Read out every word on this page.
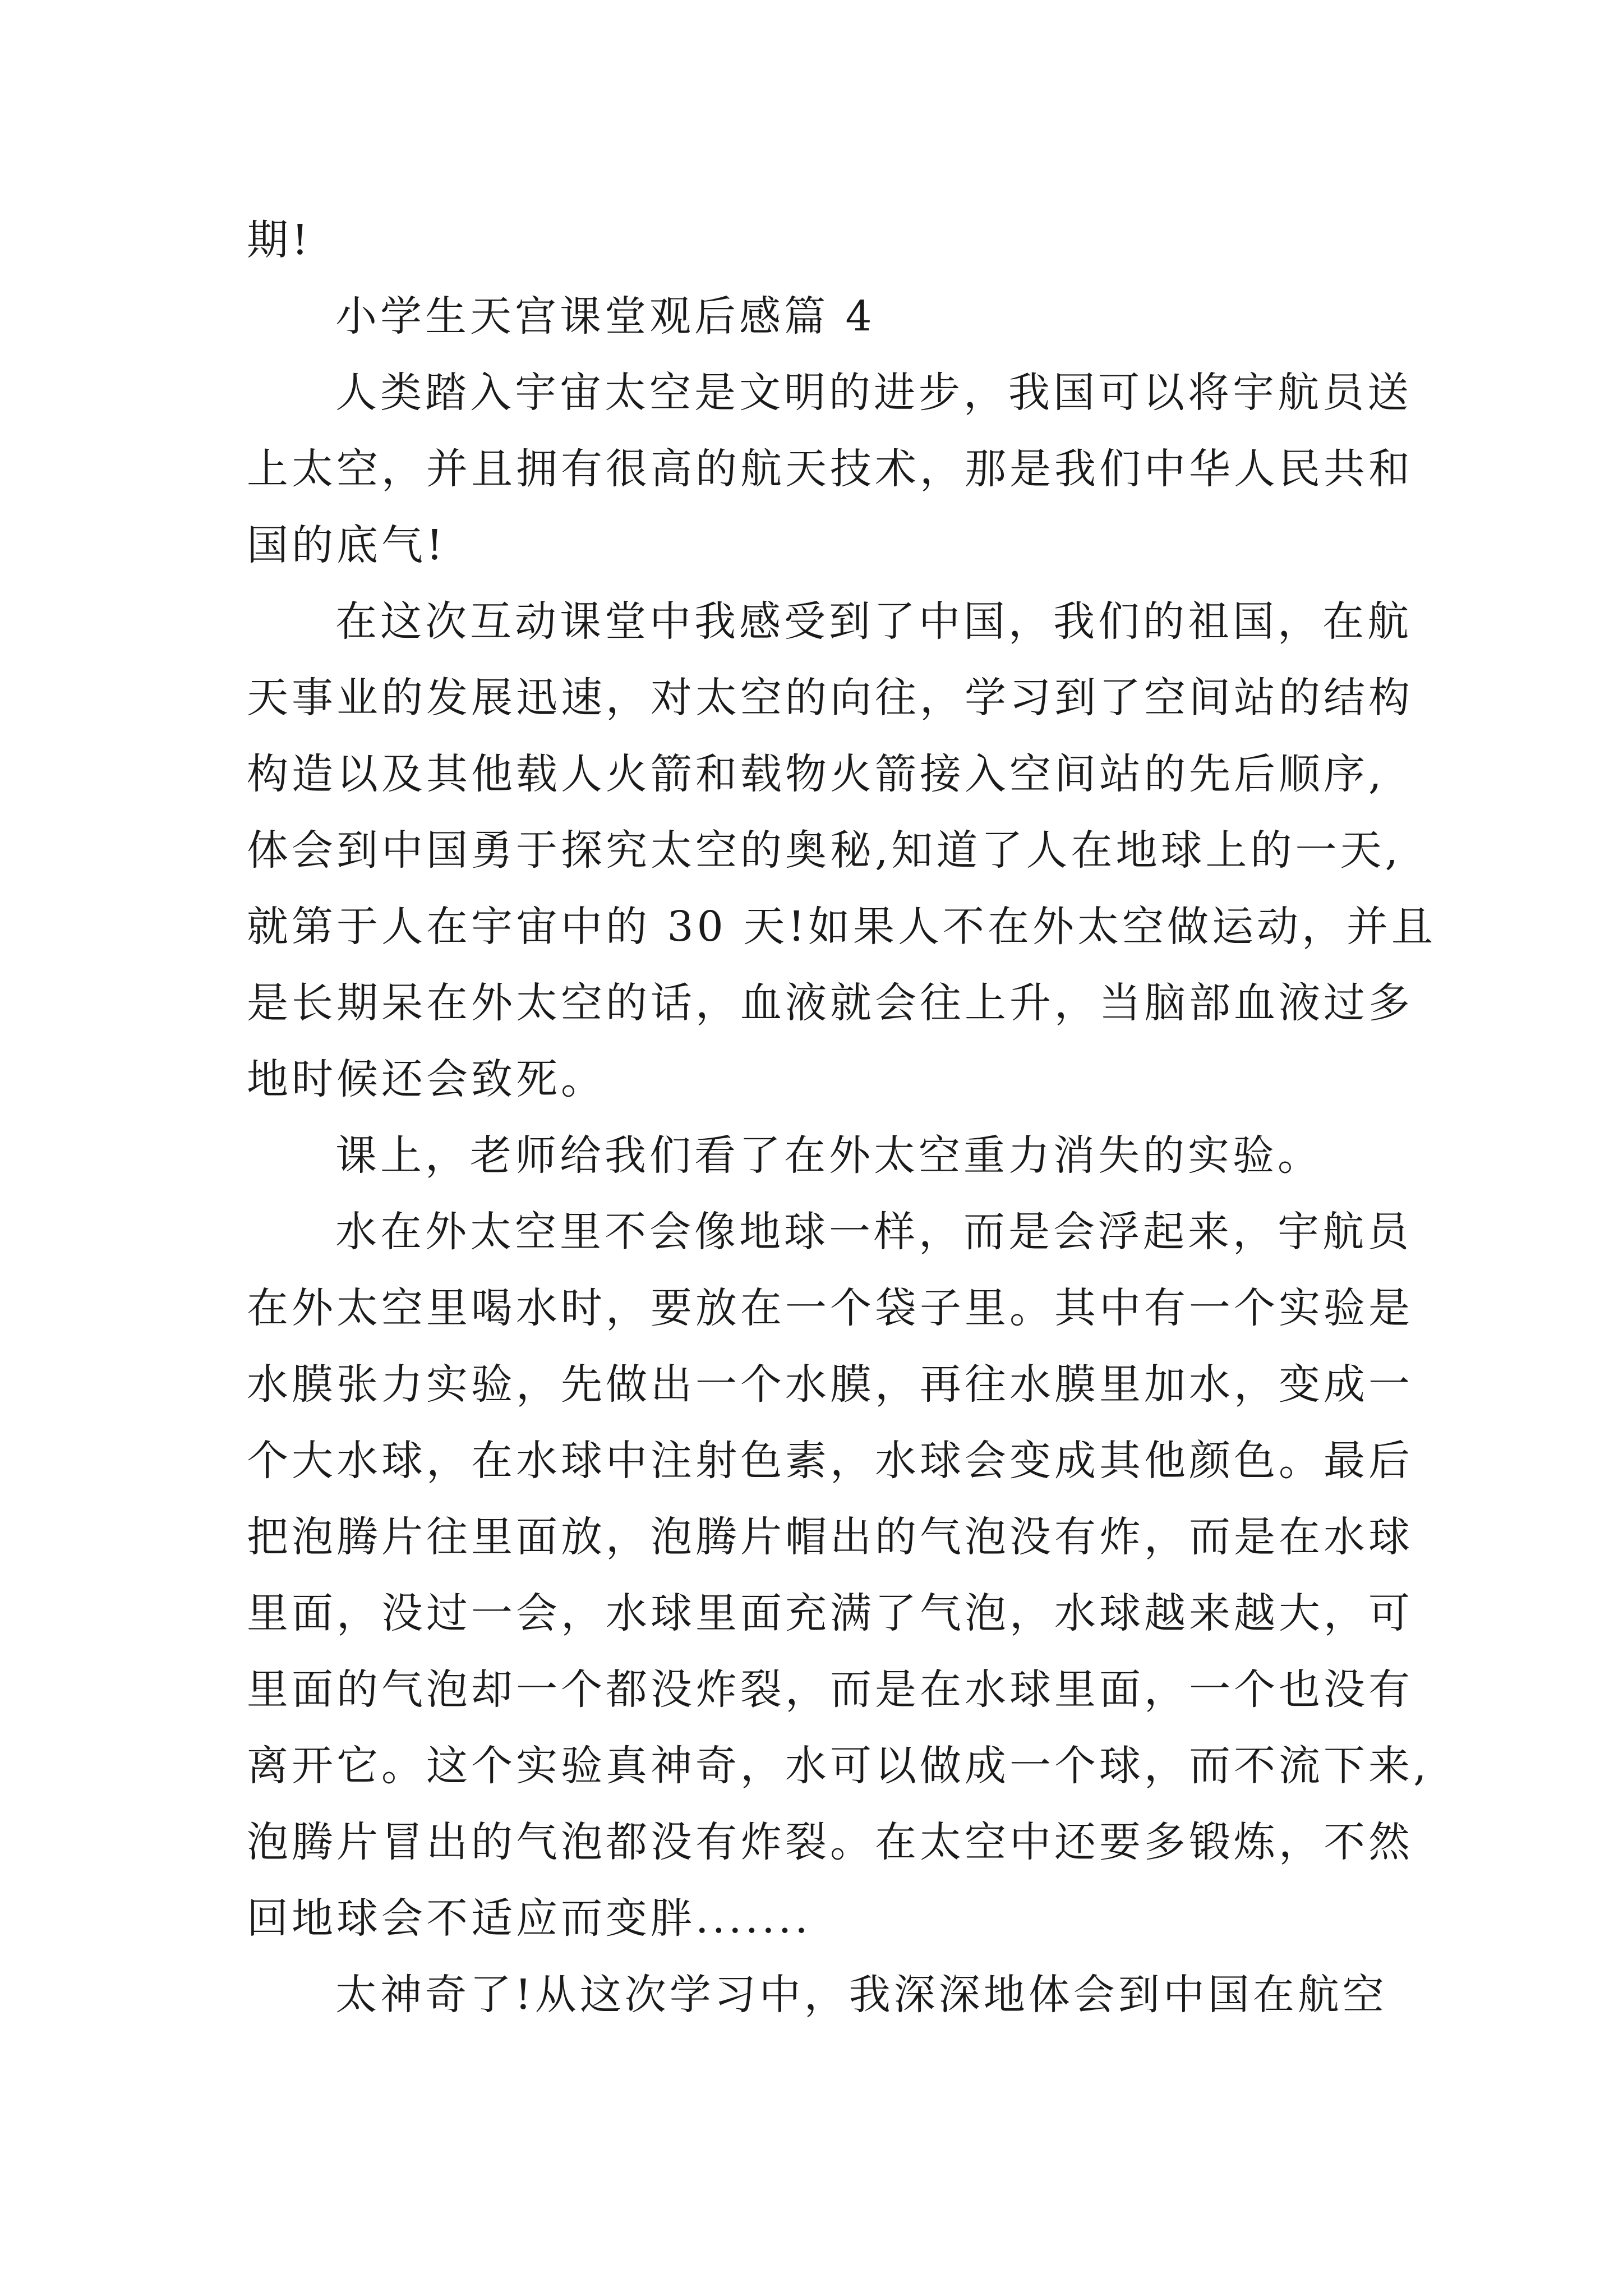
期!
小学生天宫课堂观后感篇 4
人类踏入宇宙太空是文明的进步，我国可以将宇航员送
上太空，并且拥有很高的航天技术，那是我们中华人民共和
国的底气!
在这次互动课堂中我感受到了中国，我们的祖国，在航
天事业的发展迅速，对太空的向往，学习到了空间站的结构
构造以及其他载人火箭和载物火箭接入空间站的先后顺序,
体会到中国勇于探究太空的奥秘,知道了人在地球上的一天,
就第于人在宇宙中的 30 天!如果人不在外太空做运动，并且
是长期呆在外太空的话，血液就会往上升，当脑部血液过多
地时候还会致死。
课上，老师给我们看了在外太空重力消失的实验。
水在外太空里不会像地球一样，而是会浮起来，宇航员
在外太空里喝水时，要放在一个袋子里。其中有一个实验是
水膜张力实验，先做出一个水膜，再往水膜里加水，变成一
个大水球，在水球中注射色素，水球会变成其他颜色。最后
把泡腾片往里面放，泡腾片帽出的气泡没有炸，而是在水球
里面，没过一会，水球里面充满了气泡，水球越来越大，可
里面的气泡却一个都没炸裂，而是在水球里面，一个也没有
离开它。这个实验真神奇，水可以做成一个球，而不流下来,
泡腾片冒出的气泡都没有炸裂。在太空中还要多锻炼，不然
回地球会不适应而变胖.......
太神奇了!从这次学习中，我深深地体会到中国在航空
